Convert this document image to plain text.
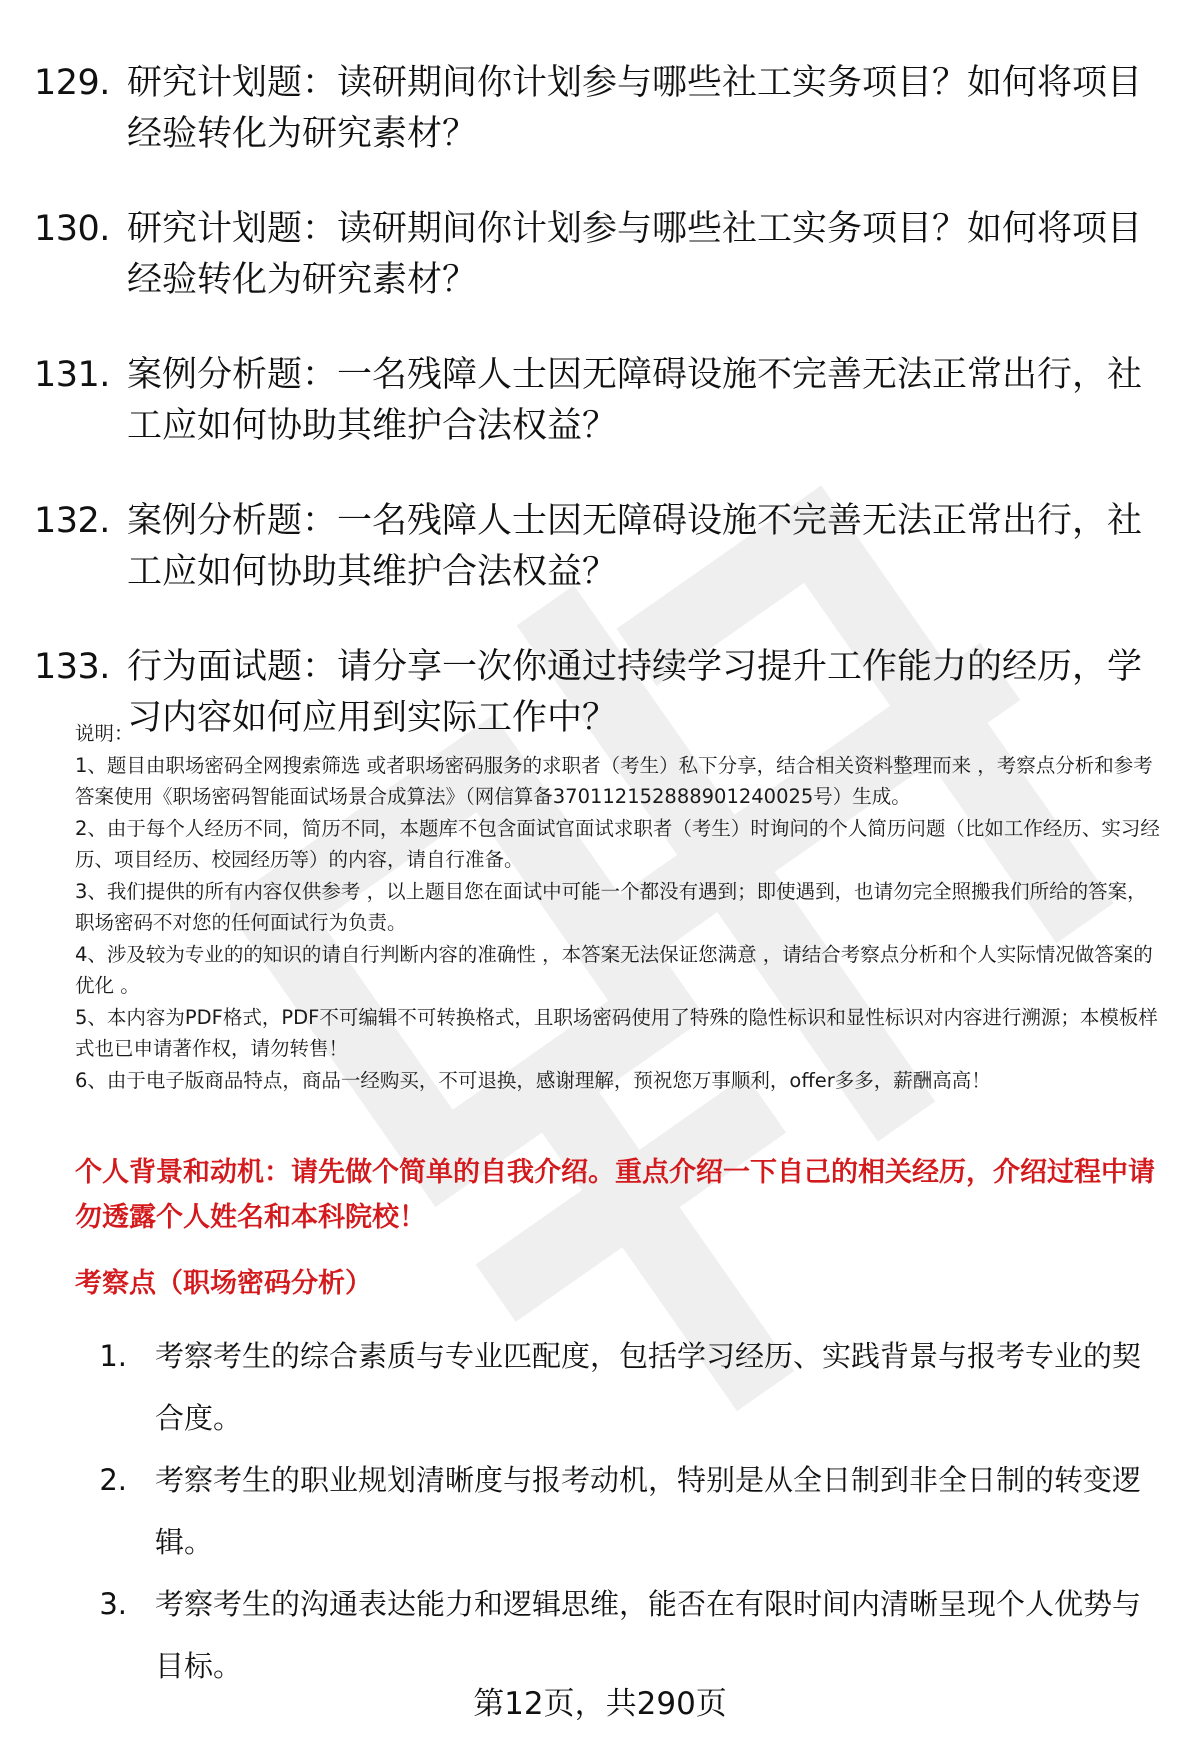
129. 研究计划题：读研期间你计划参与哪些社工实务项目？如何将项目经验转化为研究素材？
130. 研究计划题：读研期间你计划参与哪些社工实务项目？如何将项目经验转化为研究素材？
131. 案例分析题：一名残障人士因无障碍设施不完善无法正常出行，社工应如何协助其维护合法权益？
132. 案例分析题：一名残障人士因无障碍设施不完善无法正常出行，社工应如何协助其维护合法权益？
133. 行为面试题：请分享一次你通过持续学习提升工作能力的经历，学习内容如何应用到实际工作中？

说明：

1、题目由职场密码全网搜索筛选 或者职场密码服务的求职者（考生）私下分享，结合相关资料整理而来 ，考察点分析和参考答案使用《职场密码智能面试场景合成算法》（网信算备370112152888901240025号）生成。

2、由于每个人经历不同，简历不同，本题库不包含面试官面试求职者（考生）时询问的个人简历问题（比如工作经历、实习经历、项目经历、校园经历等）的内容，请自行准备。

3、我们提供的所有内容仅供参考 ，以上题目您在面试中可能一个都没有遇到；即使遇到，也请勿完全照搬我们所给的答案，职场密码不对您的任何面试行为负责。

4、涉及较为专业的的知识的请自行判断内容的准确性 ，本答案无法保证您满意 ，请结合考察点分析和个人实际情况做答案的优化 。

5、本内容为PDF格式，PDF不可编辑不可转换格式，且职场密码使用了特殊的隐性标识和显性标识对内容进行溯源；本模板样式也已申请著作权，请勿转售！

6、由于电子版商品特点，商品一经购买，不可退换，感谢理解，预祝您万事顺利，offer多多，薪酬高高！

个人背景和动机：请先做个简单的自我介绍。重点介绍一下自己的相关经历，介绍过程中请勿透露个人姓名和本科院校！
考察点（职场密码分析）
1. 考察考生的综合素质与专业匹配度，包括学习经历、实践背景与报考专业的契合度。
2. 考察考生的职业规划清晰度与报考动机，特别是从全日制到非全日制的转变逻辑。
3. 考察考生的沟通表达能力和逻辑思维，能否在有限时间内清晰呈现个人优势与目标。
第12页，共290页
